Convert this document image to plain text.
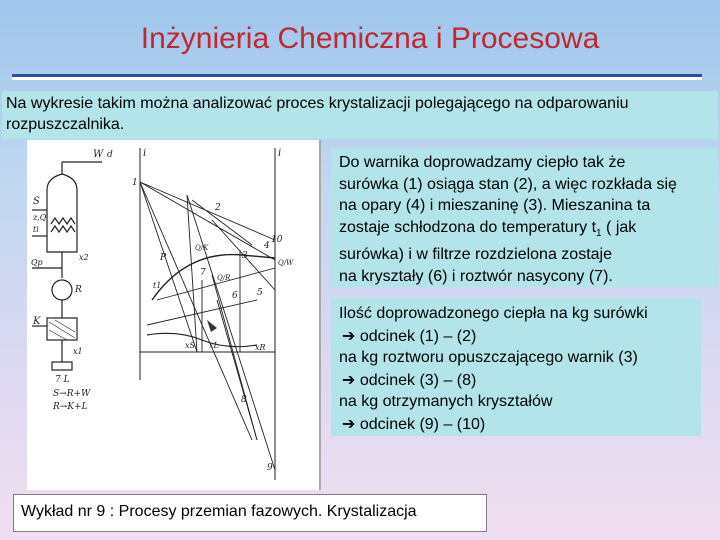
Inżynieria Chemiczna i Procesowa
Na wykresie takim można analizować proces krystalizacji polegającego na odparowaniu
rozpuszczalnika.
W d
S
z,Q
ti
x2
Qp
R
K
x1
7 L
S→R+W
R→K+L
i	i
1
2
3
4
5
6
7
8
9
10
P
t1
xS xL	xR
Q/K
Q/R
Q/W
Do warnika doprowadzamy ciepło tak że
surówka (1) osiąga stan (2), a więc rozkłada się
na opary (4) i mieszaninę (3). Mieszanina ta
zostaje schłodzona do temperatury $t_1$ ( jak
surówka) i w filtrze rozdzielona zostaje
na kryształy (6) i roztwór nasycony (7).
Ilość doprowadzonego ciepła na kg surówki
➔ odcinek (1) – (2)
na kg roztworu opuszczającego warnik (3)
➔ odcinek (3) – (8)
na kg otrzymanych kryształów
➔ odcinek (9) – (10)
Wykład nr 9 : Procesy przemian fazowych. Krystalizacja
